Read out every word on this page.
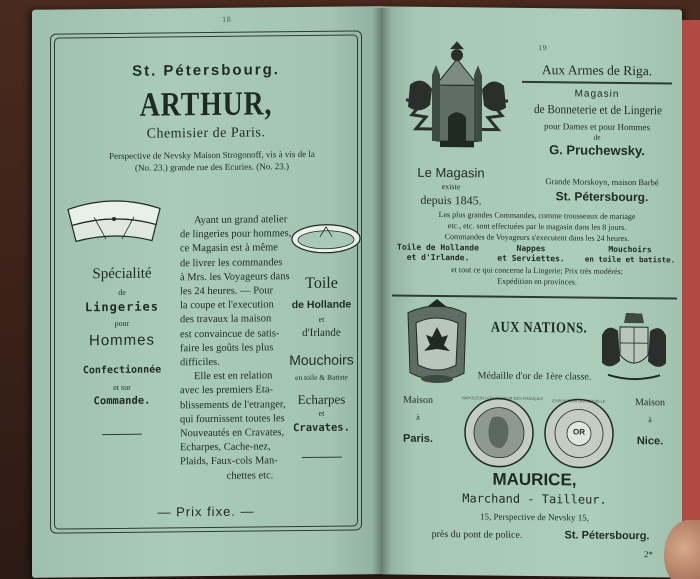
18
St. Pétersbourg.
ARTHUR,
Chemisier de Paris.
Perspective de Nevsky Maison Strogonoff, vis à vis de la
(No. 23.) grande rue des Ecuries. (No. 23.)
Spécialité
de
Lingeries
pour
Hommes
Confectionnée
et sur
Commande.

Ayant un grand atelier

de lingeries pour hommes,

ce Magasin est à même

de livrer les commandes

à Mrs. les Voyageurs dans

les 24 heures. — Pour

la coupe et l'execution

des travaux la maison

est convaincue de satis-

faire les goûts les plus

difficiles.

Elle est en relation

avec les premiers Eta-

blissements de l'etranger,

qui fournissent toutes les

Nouveautés en Cravates,

Echarpes, Cache-nez,

Plaids, Faux-cols Man-

chettes etc.

Toile
de Hollande
et
d'Irlande
Mouchoirs
en toile & Batiste
Echarpes
et
Cravates.
— Prix fixe. —
19
Aux Armes de Riga.
Magasin
de Bonneterie et de Lingerie
pour Dames et pour Hommes
de
G. Pruchewsky.
Le Magasin
existe
depuis 1845.
Grande Morskoyn, maison Barbé
St. Pétersbourg.
Les plus grandes Commandes, comme trousseaux de mariage
etc., etc. sont effectuées par le magasin dans les 8 jours.
Commandes de Voyageurs s'executent dans les 24 heures.
Toile de Hollande
et d'Irlande.
Nappes
et Serviettes.
Mouchoirs
en toile et batiste.
et tout ce qui concerne la Lingerie; Prix très modérés;
Expédition en provinces.
AUX NATIONS.
Médaille d'or de 1ère classe.
Maison
à
Paris.
NAPOLEON III EMPEREUR DES FRANÇAIS	EXPOSITION UNIVERSELLE
OR
Maison
à
Nice.
MAURICE,
Marchand - Tailleur.
15, Perspective de Nevsky 15,
près du pont de police.	St. Pétersbourg.
2*
